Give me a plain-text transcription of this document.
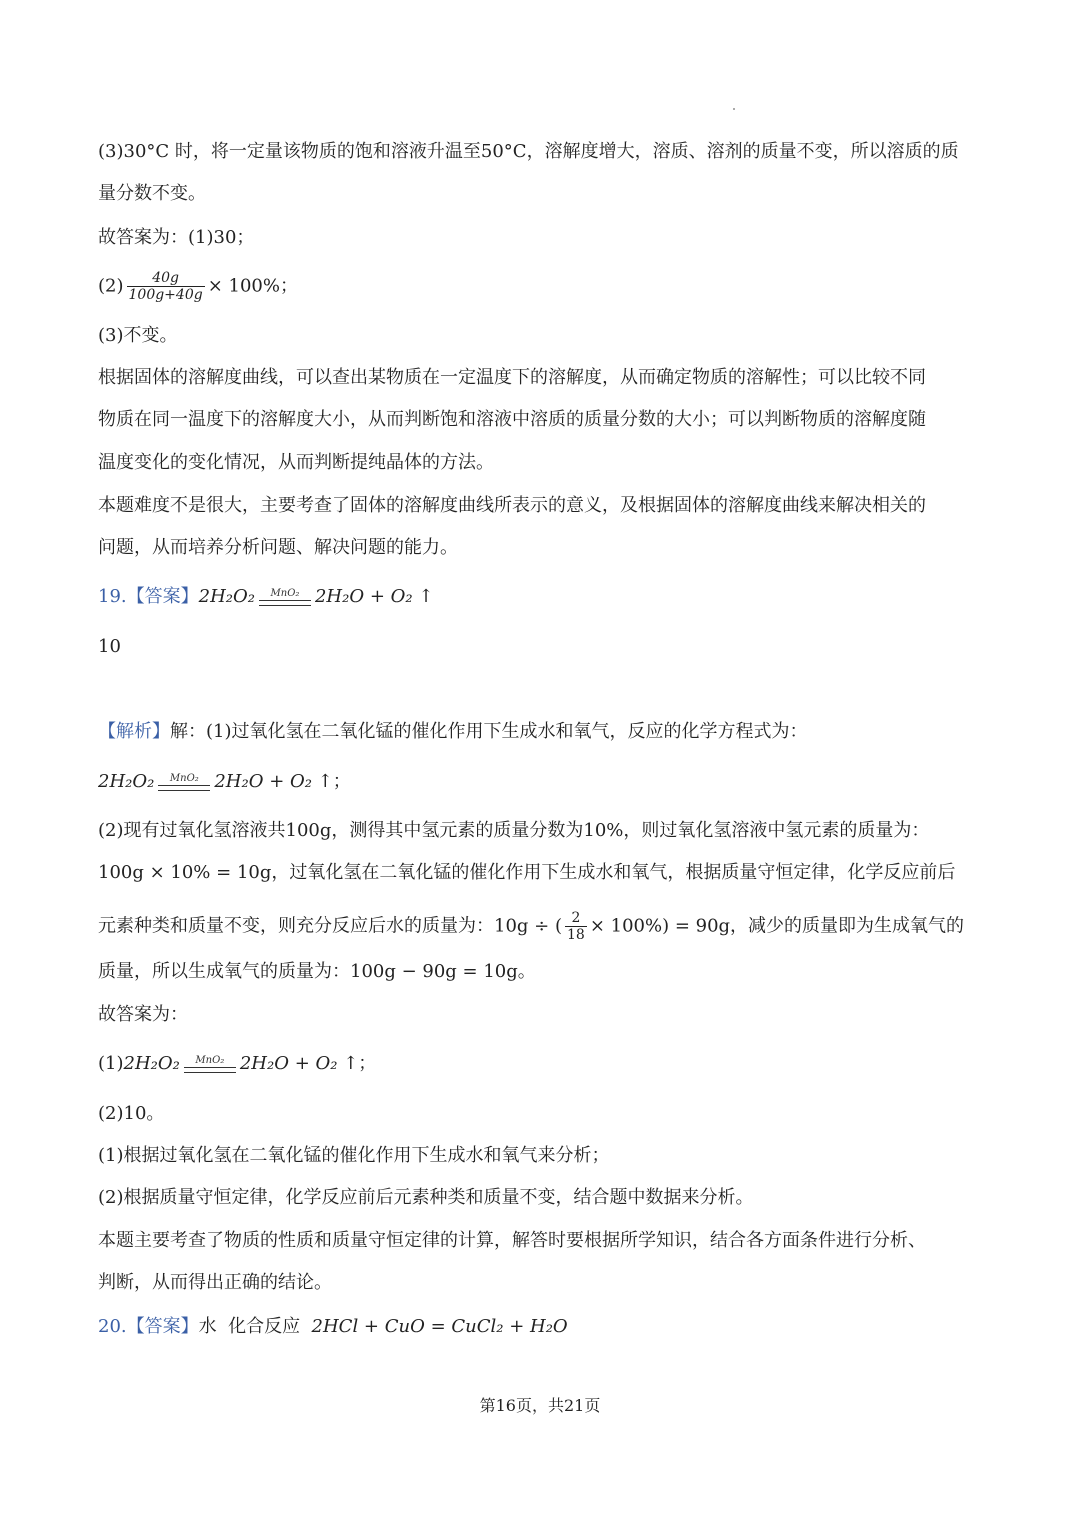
(3)30°C 时，将一定量该物质的饱和溶液升温至50°C，溶解度增大，溶质、溶剂的质量不变，所以溶质的质
量分数不变。
故答案为：(1)30；
$(2) \frac{40g}{100g+40g} \times 100\%$；
(3)不变。
根据固体的溶解度曲线，可以查出某物质在一定温度下的溶解度，从而确定物质的溶解性；可以比较不同
物质在同一温度下的溶解度大小，从而判断饱和溶液中溶质的质量分数的大小；可以判断物质的溶解度随
温度变化的变化情况，从而判断提纯晶体的方法。
本题难度不是很大，主要考查了固体的溶解度曲线所表示的意义，及根据固体的溶解度曲线来解决相关的
问题，从而培养分析问题、解决问题的能力。
19.【答案】2H₂O₂	MnO₂ 2H₂O + O₂ ↑
10
【解析】解：(1)过氧化氢在二氧化锰的催化作用下生成水和氧气，反应的化学方程式为：
2H₂O₂	MnO₂ 2H₂O + O₂ ↑；
(2)现有过氧化氢溶液共100g，测得其中氢元素的质量分数为10%，则过氧化氢溶液中氢元素的质量为：
100g × 10% = 10g，过氧化氢在二氧化锰的催化作用下生成水和氧气，根据质量守恒定律，化学反应前后
元素种类和质量不变，则充分反应后水的质量为：10g ÷ ( $\frac{2}{18} \times 100\%) = 90g$，减少的质量即为生成氧气的
质量，所以生成氧气的质量为：100g − 90g = 10g。
故答案为：
(1)2H₂O₂	MnO₂ 2H₂O + O₂ ↑；
(2)10。
(1)根据过氧化氢在二氧化锰的催化作用下生成水和氧气来分析；
(2)根据质量守恒定律，化学反应前后元素种类和质量不变，结合题中数据来分析。
本题主要考查了物质的性质和质量守恒定律的计算，解答时要根据所学知识，结合各方面条件进行分析、
判断，从而得出正确的结论。
20.【答案】水  化合反应  2HCl + CuO = CuCl₂ + H₂O
第16页，共21页
